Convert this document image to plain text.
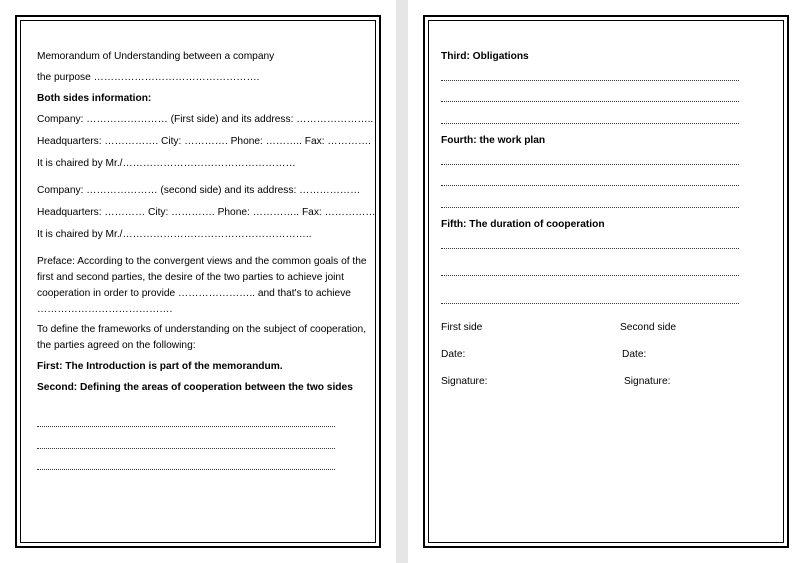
Memorandum of Understanding between a company
the purpose ………………………………………….
Both sides information:
Company: …………………… (First side) and its address: …………………..
Headquarters: ……………. City: …………. Phone: ……….. Fax: ………….
It is chaired by Mr./……………………………………………
Company: ………………… (second side) and its address: ………………
Headquarters: ………… City: …………. Phone: ………….. Fax: ……………
It is chaired by Mr./………………………………………………..
Preface: According to the convergent views and the common goals of the first and second parties, the desire of the two parties to achieve joint cooperation in order to provide ………………….. and that's to achieve ………………………………….
To define the frameworks of understanding on the subject of cooperation, the parties agreed on the following:
First: The Introduction is part of the memorandum.
Second: Defining the areas of cooperation between the two sides
Third: Obligations
Fourth: the work plan
Fifth: The duration of cooperation
First side	Second side
Date:	Date:
Signature:	Signature:
